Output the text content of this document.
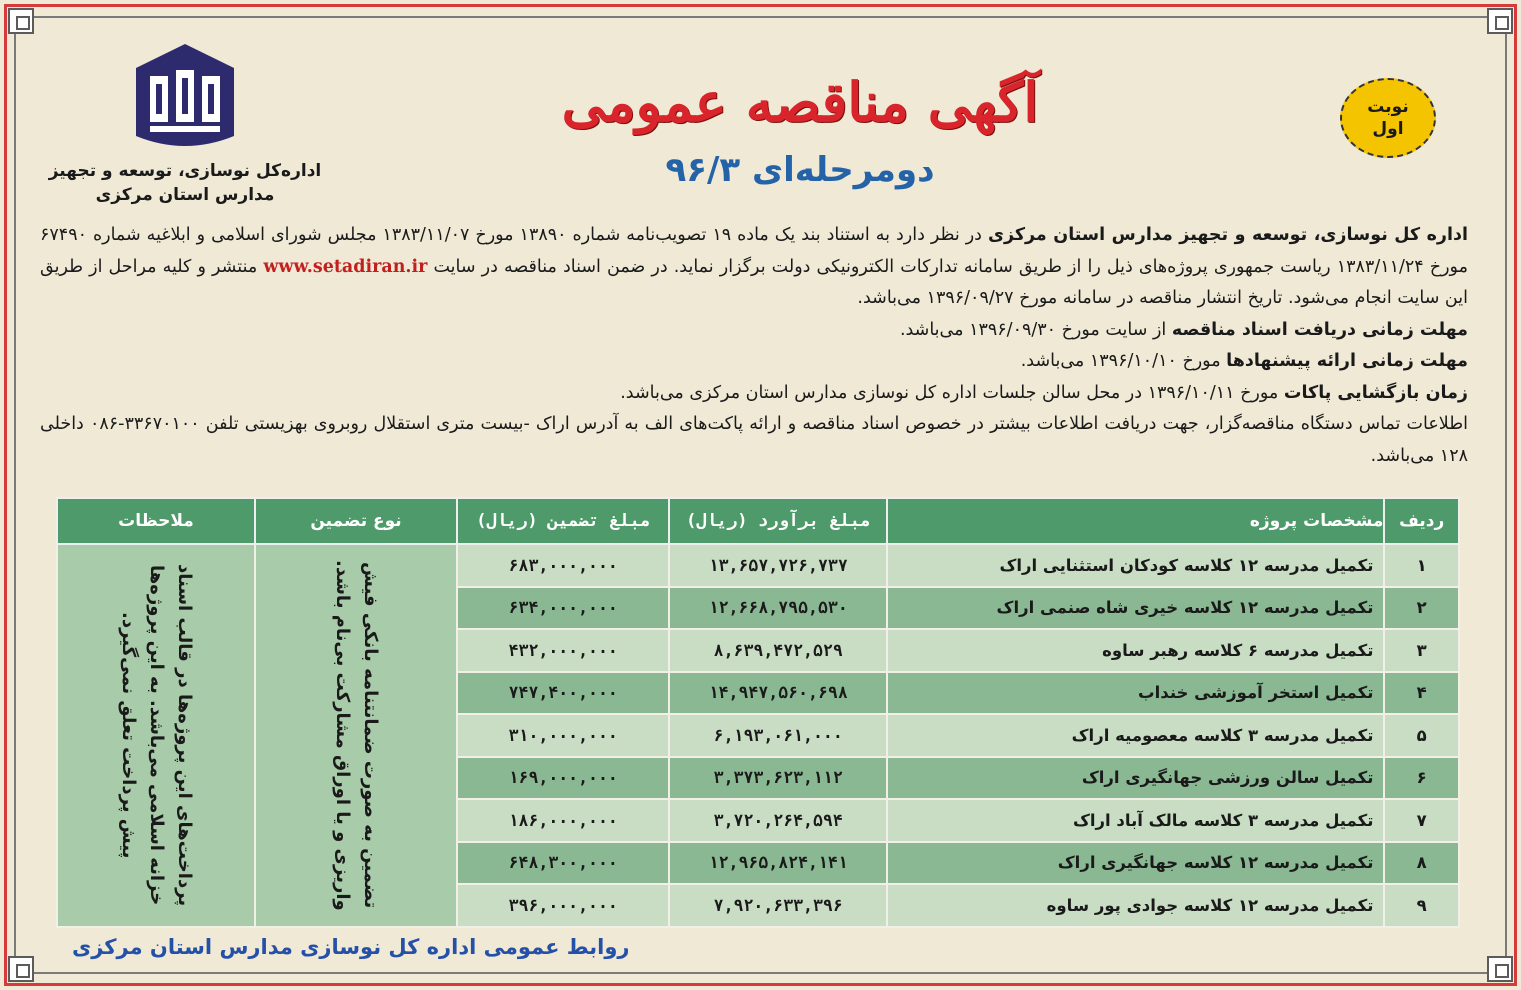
اداره‌کل نوسازی، توسعه‌ و تجهیز
مدارس استان مرکزی
آگهی مناقصه عمومی
دومرحله‌ای ۹۶/۳
نوبت
اول

اداره کل نوسازی، توسعه و تجهیز مدارس استان مرکزی در نظر دارد به استناد بند یک ماده ۱۹ تصویب‌نامه شماره ۱۳۸۹۰ مورخ ۱۳۸۳/۱۱/۰۷ مجلس شورای اسلامی و ابلاغیه شماره ۶۷۴۹۰ مورخ ۱۳۸۳/۱۱/۲۴ ریاست جمهوری پروژه‌های ذیل را از طریق سامانه تدارکات الکترونیکی دولت برگزار نماید. در ضمن اسناد مناقصه در سایت www.setadiran.ir منتشر و کلیه مراحل از طریق این سایت انجام می‌شود. تاریخ انتشار مناقصه در سامانه مورخ ۱۳۹۶/۰۹/۲۷ می‌باشد.

مهلت زمانی دریافت اسناد مناقصه از سایت مورخ ۱۳۹۶/۰۹/۳۰ می‌باشد.

مهلت زمانی ارائه پیشنهادها مورخ ۱۳۹۶/۱۰/۱۰ می‌باشد.

زمان بازگشایی پاکات مورخ ۱۳۹۶/۱۰/۱۱ در محل سالن جلسات اداره کل نوسازی مدارس استان مرکزی می‌باشد.

اطلاعات تماس دستگاه مناقصه‌گزار، جهت دریافت اطلاعات بیشتر در خصوص اسناد مناقصه و ارائه پاکت‌های الف به آدرس اراک -بیست متری استقلال روبروی بهزیستی تلفن ۳۳۶۷۰۱۰۰-۰۸۶ داخلی ۱۲۸ می‌باشد.

ردیف	مشخصات پروژه	مبلغ برآورد (ریال)	مبلغ تضمین (ریال)	نوع تضمین	ملاحظات
۱	تکمیل مدرسه ۱۲ کلاسه کودکان استثنایی اراک	۱۳,۶۵۷,۷۲۶,۷۳۷	۶۸۳,۰۰۰,۰۰۰	تضمین به صورت ضمانتنامه بانکی فیش واریزی و یا اوراق مشارکت بی‌نام باشد.	پرداخت‌های این پروژه‌ها در قالب اسناد خزانه اسلامی می‌باشد. به این پروژه‌ها پیش پرداخت تعلق نمی‌گیرد.

۲	تکمیل مدرسه ۱۲ کلاسه خیری شاه صنمی اراک	۱۲,۶۶۸,۷۹۵,۵۳۰	۶۳۴,۰۰۰,۰۰۰		
۳	تکمیل مدرسه ۶ کلاسه رهبر ساوه	۸,۶۳۹,۴۷۲,۵۲۹	۴۳۲,۰۰۰,۰۰۰		
۴	تکمیل استخر آموزشی خنداب	۱۴,۹۴۷,۵۶۰,۶۹۸	۷۴۷,۴۰۰,۰۰۰		
۵	تکمیل مدرسه ۳ کلاسه معصومیه اراک	۶,۱۹۳,۰۶۱,۰۰۰	۳۱۰,۰۰۰,۰۰۰		
۶	تکمیل سالن ورزشی جهانگیری اراک	۳,۳۷۳,۶۲۳,۱۱۲	۱۶۹,۰۰۰,۰۰۰		
۷	تکمیل مدرسه ۳ کلاسه مالک آباد اراک	۳,۷۲۰,۲۶۴,۵۹۴	۱۸۶,۰۰۰,۰۰۰		
۸	تکمیل مدرسه ۱۲ کلاسه جهانگیری اراک	۱۲,۹۶۵,۸۲۴,۱۴۱	۶۴۸,۳۰۰,۰۰۰		
۹	تکمیل مدرسه ۱۲ کلاسه جوادی پور ساوه	۷,۹۲۰,۶۳۳,۳۹۶	۳۹۶,۰۰۰,۰۰۰		
روابط عمومی اداره کل نوسازی مدارس استان مرکزی
